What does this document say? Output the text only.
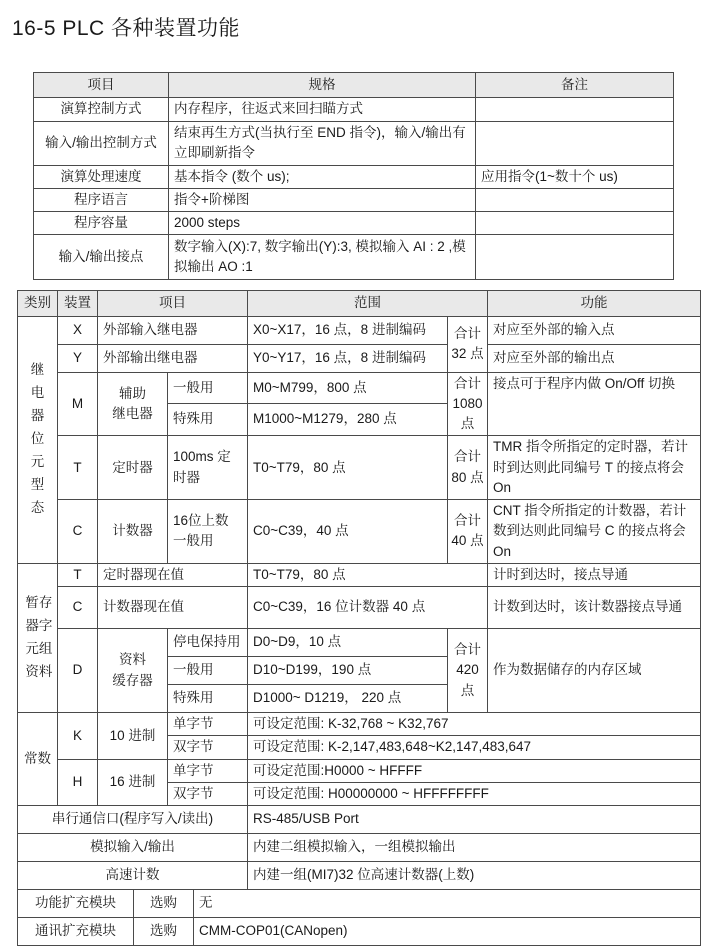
16-5 PLC 各种装置功能
项目	规格	备注
演算控制方式	内存程序，往返式来回扫瞄方式	
输入/输出控制方式	结束再生方式(当执行至 END 指令)，输入/输出有立即刷新指令	
演算处理速度	基本指令 (数个 us);	应用指令(1~数十个 us)
程序语言	指令+阶梯图	
程序容量	2000 steps	
输入/输出接点	数字输入(X):7, 数字输出(Y):3, 模拟输入 AI : 2 ,模拟输出 AO :1	
类别	装置	项目		范围		功能
继电器位元型态	X	外部输入继电器		X0~X17，16 点，8 进制编码	合计 32 点	对应至外部的输入点
	Y	外部输出继电器		Y0~Y17，16 点，8 进制编码		对应至外部的输出点
	M	辅助 继电器	一般用	M0~M799，800 点	合计 1080 点	接点可于程序内做 On/Off 切换
			特殊用	M1000~M1279，280 点		
	T	定时器	100ms 定时器	T0~T79，80 点	合计 80 点	TMR 指令所指定的定时器，若计时到达则此同编号 T 的接点将会 On
	C	计数器	16位上数一般用	C0~C39，40 点	合计 40 点	CNT 指令所指定的计数器，若计数到达则此同编号 C 的接点将会 On
暂存器字元组资料	T	定时器现在值		T0~T79，80 点		计时到达时，接点导通
	C	计数器现在值		C0~C39，16 位计数器 40 点		计数到达时，该计数器接点导通
	D	资料 缓存器	停电保持用	D0~D9，10 点	合计 420 点	作为数据储存的内存区域
			一般用	D10~D199，190 点		
			特殊用	D1000~ D1219， 220 点		
常数	K	10 进制	单字节	可设定范围: K-32,768 ~ K32,767		
			双字节	可设定范围: K-2,147,483,648~K2,147,483,647		
	H	16 进制	单字节	可设定范围:H0000 ~ HFFFF		
			双字节	可设定范围: H00000000 ~ HFFFFFFFF		
串行通信口(程序写入/读出)				RS-485/USB Port		
模拟输入/输出				内建二组模拟输入，一组模拟输出		
高速计数				内建一组(MI7)32 位高速计数器(上数)		
功能扩充模块	选购	无
通讯扩充模块	选购	CMM-COP01(CANopen)
